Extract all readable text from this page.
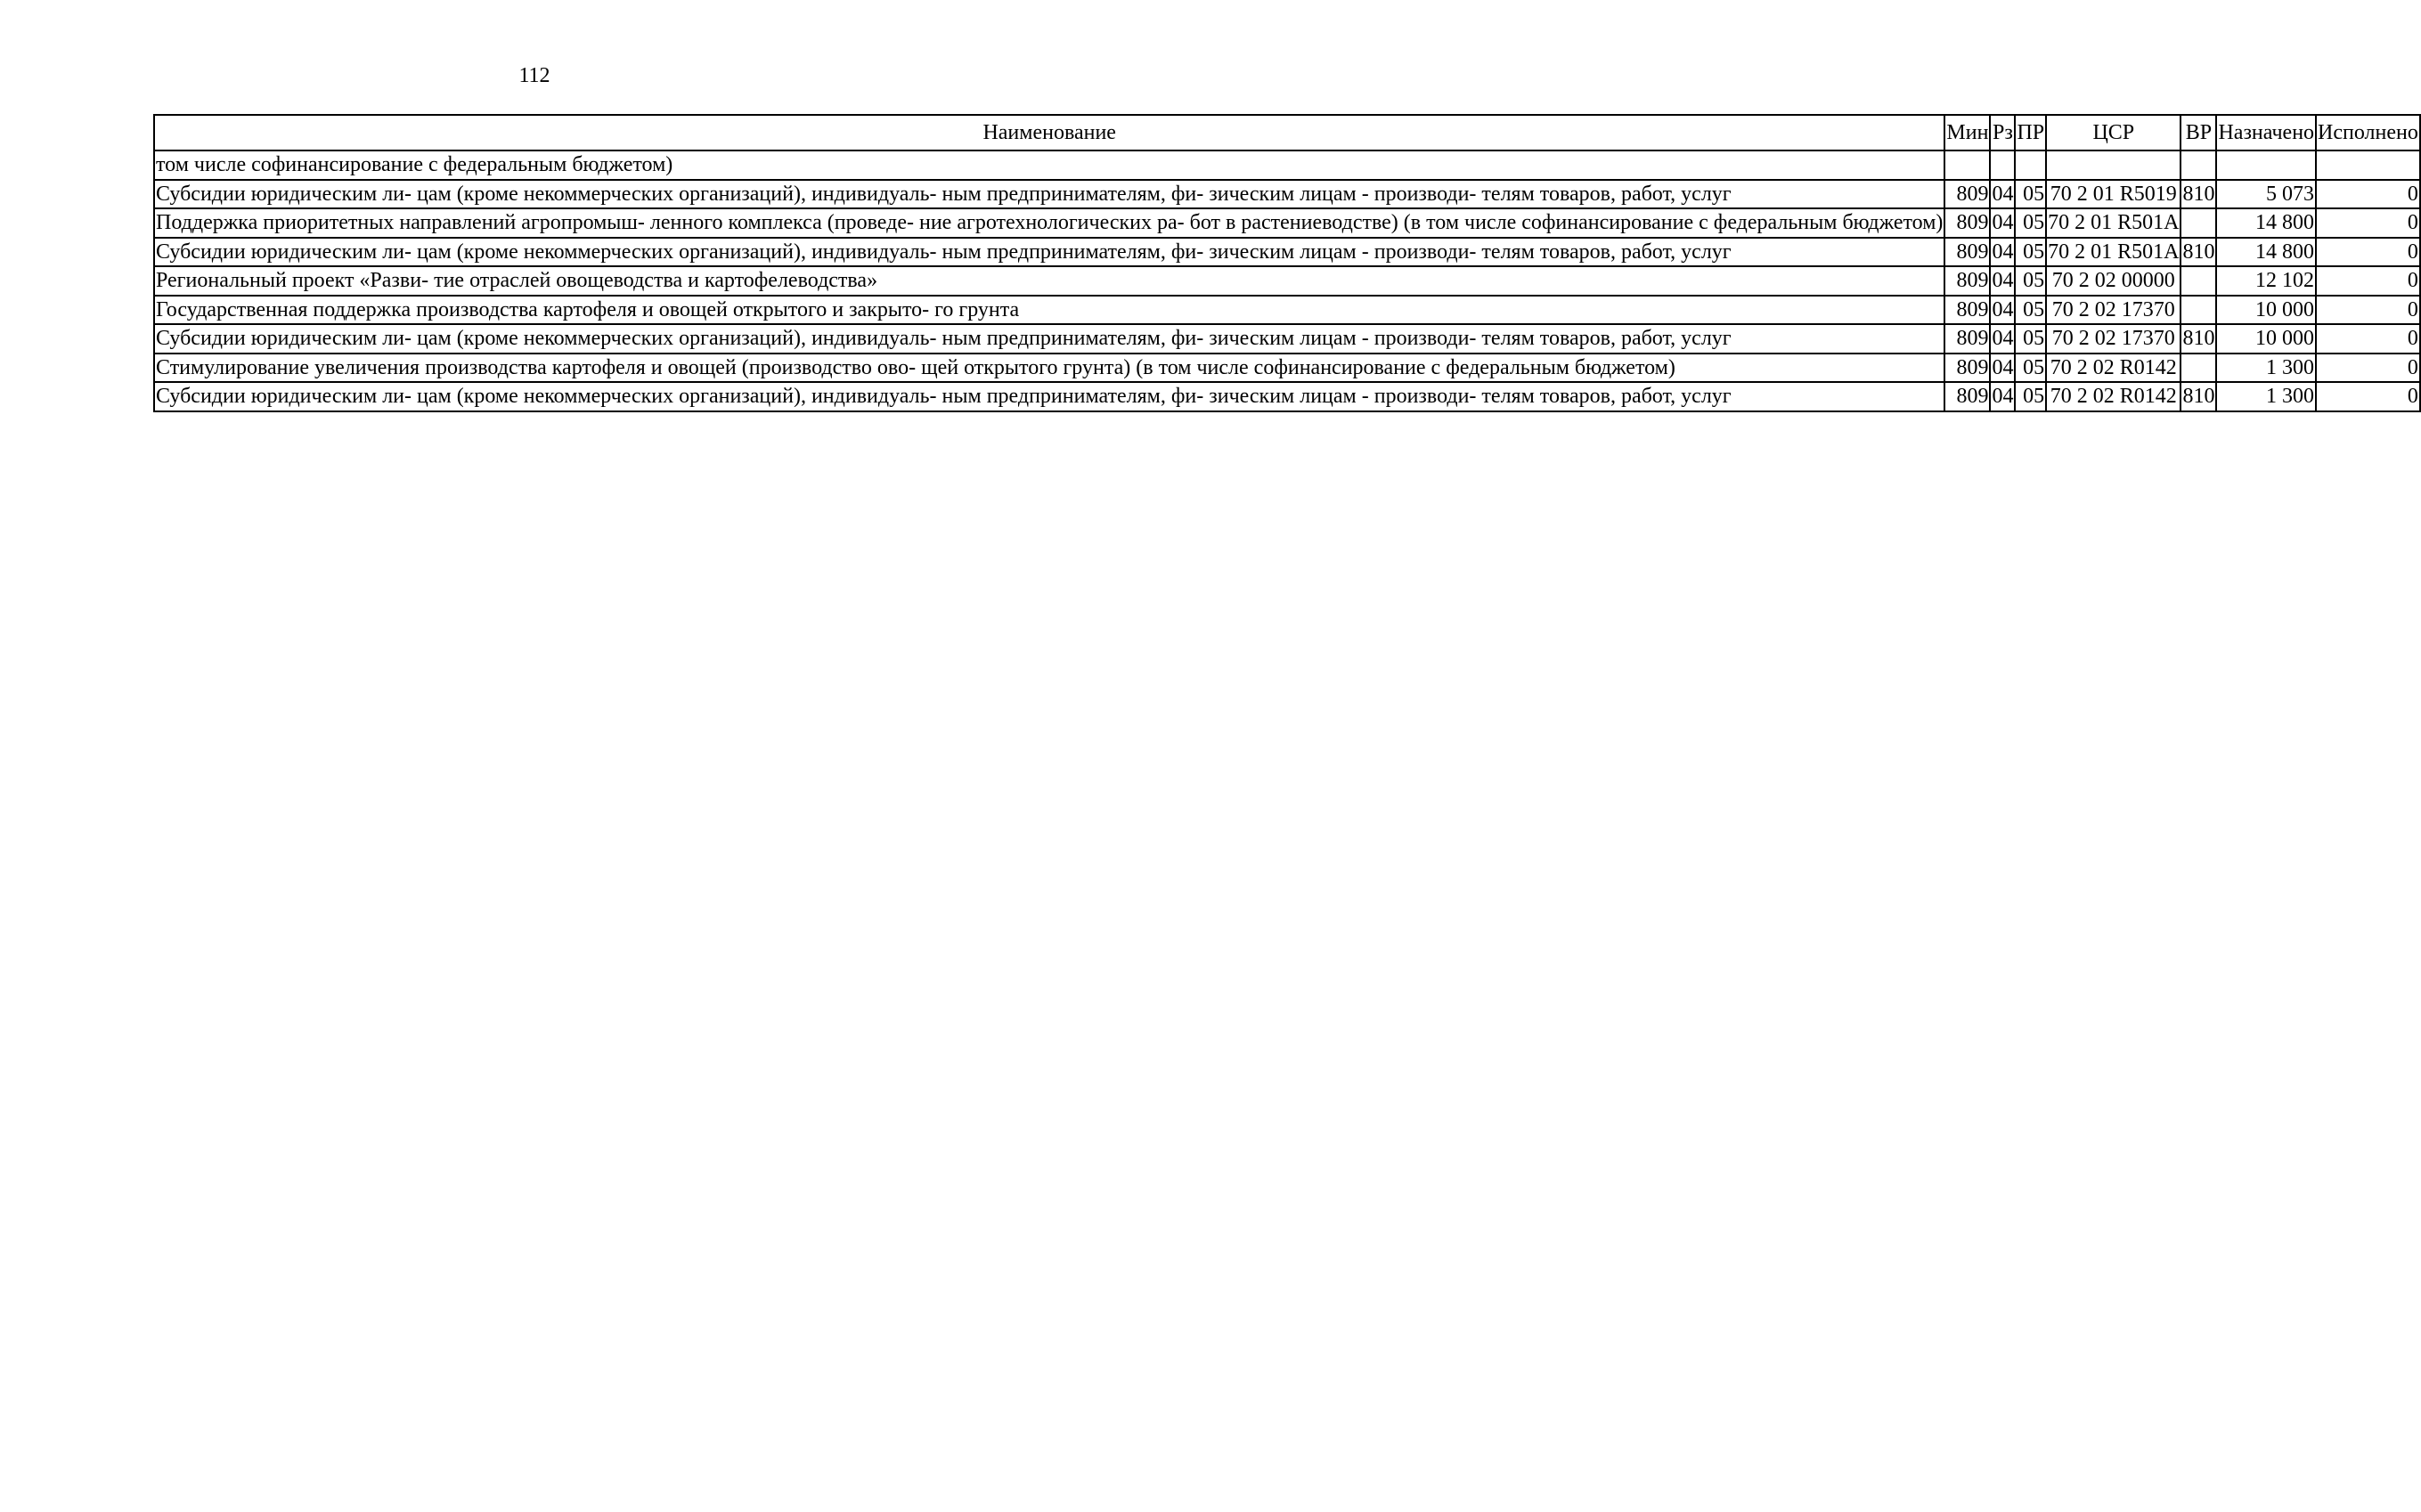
112
Наименование	Мин	Рз	ПР	ЦСР	ВР	Назначено	Исполнено
том числе софинансирование с федеральным бюджетом)							
Субсидии юридическим ли- цам (кроме некоммерческих организаций), индивидуаль- ным предпринимателям, фи- зическим лицам - производи- телям товаров, работ, услуг	809	04	05	70 2 01 R5019	810	5 073	0
Поддержка приоритетных направлений агропромыш- ленного комплекса (проведе- ние агротехнологических ра- бот в растениеводстве) (в том числе софинансирование с федеральным бюджетом)	809	04	05	70 2 01 R501A		14 800	0
Субсидии юридическим ли- цам (кроме некоммерческих организаций), индивидуаль- ным предпринимателям, фи- зическим лицам - производи- телям товаров, работ, услуг	809	04	05	70 2 01 R501A	810	14 800	0
Региональный проект «Разви- тие отраслей овощеводства и картофелеводства»	809	04	05	70 2 02 00000		12 102	0
Государственная поддержка производства картофеля и овощей открытого и закрыто- го грунта	809	04	05	70 2 02 17370		10 000	0
Субсидии юридическим ли- цам (кроме некоммерческих организаций), индивидуаль- ным предпринимателям, фи- зическим лицам - производи- телям товаров, работ, услуг	809	04	05	70 2 02 17370	810	10 000	0
Стимулирование увеличения производства картофеля и овощей (производство ово- щей открытого грунта) (в том числе софинансирование с федеральным бюджетом)	809	04	05	70 2 02 R0142		1 300	0
Субсидии юридическим ли- цам (кроме некоммерческих организаций), индивидуаль- ным предпринимателям, фи- зическим лицам - производи- телям товаров, работ, услуг	809	04	05	70 2 02 R0142	810	1 300	0
